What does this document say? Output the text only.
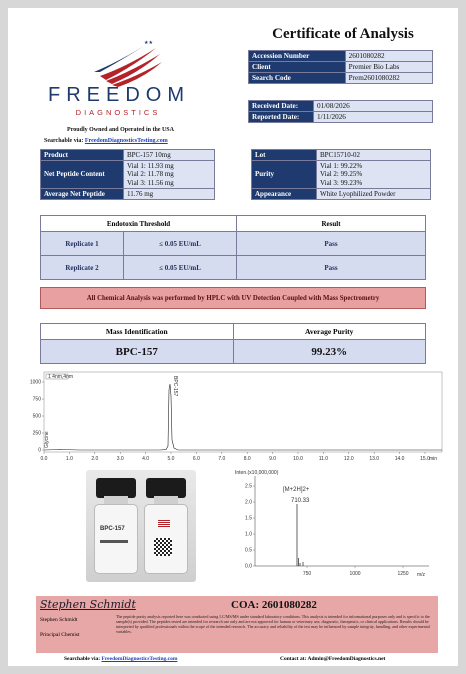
★★
FREEDOM
DIAGNOSTICS
Proudly Owned and Operated in the USA
Searchable via: FreedomDiagnosticsTesting.com
Certificate of Analysis
Accession Number	2601080282
Client	Premier Bio Labs
Search Code	Prem2601080282
Received Date:	01/08/2026
Reported Date:	1/11/2026
Product	BPC-157 10mg
Net Peptide Content	Vial 1: 11.93 mg
Vial 2: 11.78 mg
Vial 3: 11.56 mg

Average Net Peptide	11.76 mg
Lot	BPC15710-02
Purity	Vial 1: 99.22%
Vial 2: 99.25%
Vial 3: 99.23%

Appearance	White Lyophilized Powder
Endotoxin Threshold		Result
Replicate 1	≤ 0.05 EU/mL	Pass
Replicate 2	≤ 0.05 EU/mL	Pass
All Chemical Analysis was performed by HPLC with UV Detection Coupled with Mass Spectrometry
Mass Identification	Average Purity
BPC-157	99.23%
1 4nm,4nm
1000
750
500
250
0
0.0	1.0	2.0	3.0	4.0	5.0	6.0	7.0	8.0	9.0	10.0	11.0	12.0	13.0	14.0	15.0
BPC-157
Glycine
min
BPC-157
Inten.(x10,000,000)
2.5
2.0
1.5
1.0
0.5
0.0
750	1000	1250
[M+2H]2+
710.33
m/z
Stephen Schmidt
Stephen Schmidt
Principal Chemist
COA: 2601080282
The peptide purity analysis reported here was conducted using LC/MS/MS under standard laboratory conditions. This analysis is intended for informational purposes only and is specific to the sample(s) provided. The peptides tested are intended for research use only and are not approved for human or veterinary use, diagnostic, therapeutic, or clinical applications. Results should be interpreted by qualified professionals within the scope of the intended research. The accuracy and reliability of the test may be influenced by sample integrity, handling, and other experimental variables.
Searchable via: FreedomDiagnosticsTesting.com	Contact at: Admin@FreedomDiagnostics.net
